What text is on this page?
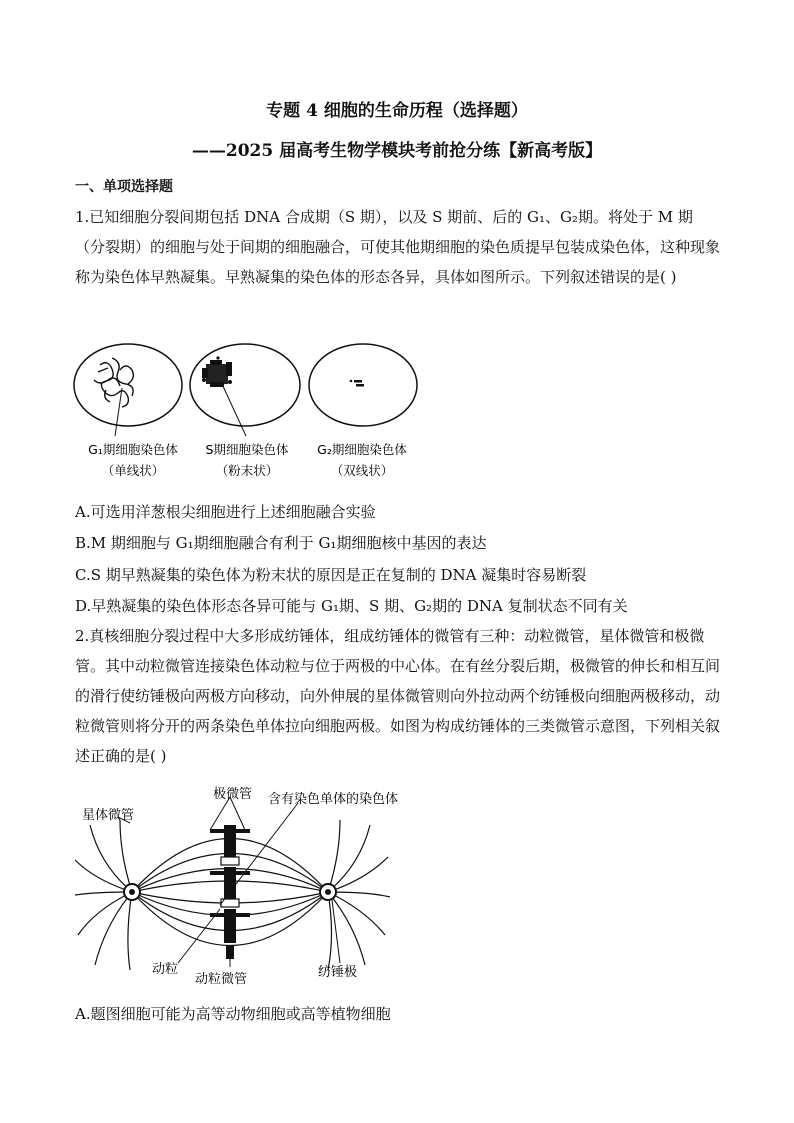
专题 4 细胞的生命历程（选择题）
——2025 届高考生物学模块考前抢分练【新高考版】
一、单项选择题
1.已知细胞分裂间期包括 DNA 合成期（S 期），以及 S 期前、后的 G₁、G₂期。将处于 M 期（分裂期）的细胞与处于间期的细胞融合，可使其他期细胞的染色质提早包装成染色体，这种现象称为染色体早熟凝集。早熟凝集的染色体的形态各异，具体如图所示。下列叙述错误的是( )
G₁期细胞染色体
（单线状）
S期细胞染色体
（粉末状）
G₂期细胞染色体
（双线状）
A.可选用洋葱根尖细胞进行上述细胞融合实验
B.M 期细胞与 G₁期细胞融合有利于 G₁期细胞核中基因的表达
C.S 期早熟凝集的染色体为粉末状的原因是正在复制的 DNA 凝集时容易断裂
D.早熟凝集的染色体形态各异可能与 G₁期、S 期、G₂期的 DNA 复制状态不同有关
2.真核细胞分裂过程中大多形成纺锤体，组成纺锤体的微管有三种：动粒微管，星体微管和极微管。其中动粒微管连接染色体动粒与位于两极的中心体。在有丝分裂后期，极微管的伸长和相互间的滑行使纺锤极向两极方向移动，向外伸展的星体微管则向外拉动两个纺锤极向细胞两极移动，动粒微管则将分开的两条染色单体拉向细胞两极。如图为构成纺锤体的三类微管示意图，下列相关叙述正确的是( )
星体微管
极微管 含有染色单体的染色体
动粒
动粒微管	纺锤极
A.题图细胞可能为高等动物细胞或高等植物细胞
